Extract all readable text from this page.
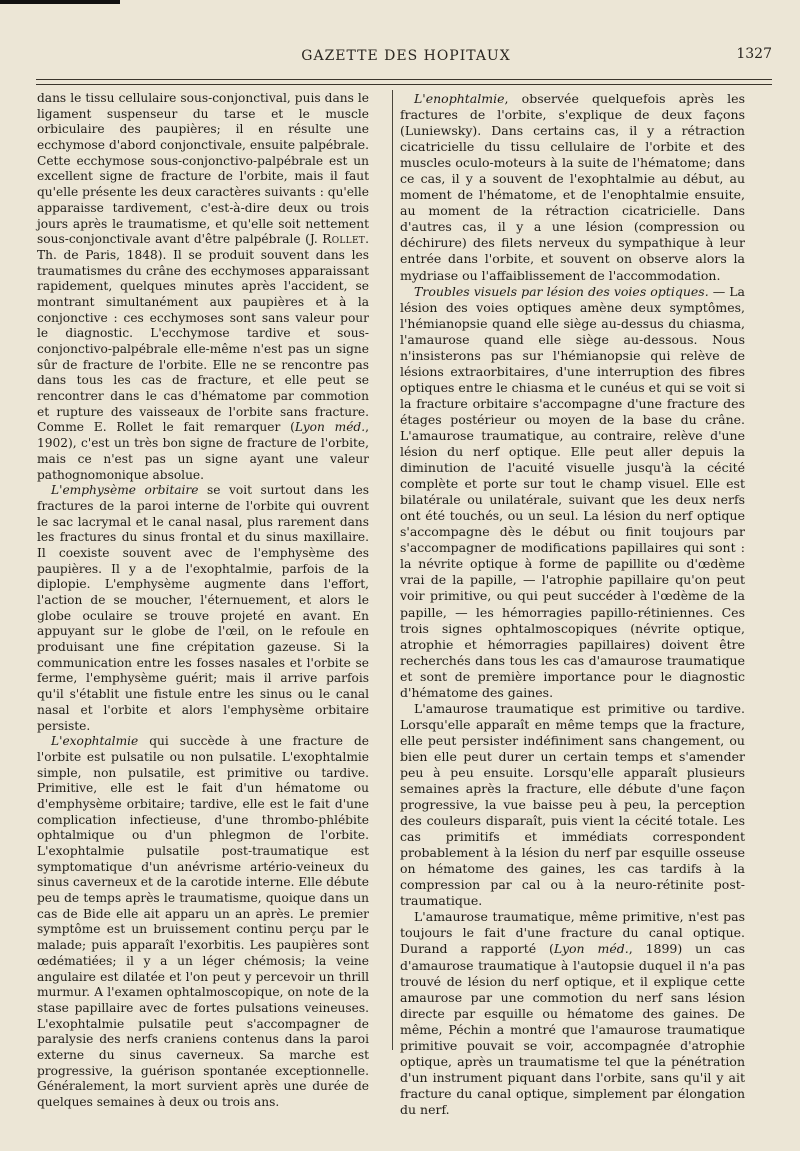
GAZETTE DES HOPITAUX	1327

dans le tissu cellulaire sous-conjonctival, puis dans le ligament suspenseur du tarse et le muscle orbiculaire des paupières; il en résulte une ecchymose d'abord conjonctivale, ensuite palpébrale. Cette ecchymose sous-conjonctivo-palpébrale est un excellent signe de fracture de l'orbite, mais il faut qu'elle présente les deux caractères suivants : qu'elle apparaisse tardivement, c'est-à-dire deux ou trois jours après le traumatisme, et qu'elle soit nettement sous-conjonctivale avant d'être palpébrale (J. Rollet. Th. de Paris, 1848). Il se produit souvent dans les traumatismes du crâne des ecchymoses apparaissant rapidement, quelques minutes après l'accident, se montrant simultanément aux paupières et à la conjonctive : ces ecchymoses sont sans valeur pour le diagnostic. L'ecchymose tardive et sous-conjonctivo-palpébrale elle-même n'est pas un signe sûr de fracture de l'orbite. Elle ne se rencontre pas dans tous les cas de fracture, et elle peut se rencontrer dans le cas d'hématome par commotion et rupture des vaisseaux de l'orbite sans fracture. Comme E. Rollet le fait remarquer (Lyon méd., 1902), c'est un très bon signe de fracture de l'orbite, mais ce n'est pas un signe ayant une valeur pathognomonique absolue.

L'emphysème orbitaire se voit surtout dans les fractures de la paroi interne de l'orbite qui ouvrent le sac lacrymal et le canal nasal, plus rarement dans les fractures du sinus frontal et du sinus maxillaire. Il coexiste souvent avec de l'emphysème des paupières. Il y a de l'exophtalmie, parfois de la diplopie. L'emphysème augmente dans l'effort, l'action de se moucher, l'éternuement, et alors le globe oculaire se trouve projeté en avant. En appuyant sur le globe de l'œil, on le refoule en produisant une fine crépitation gazeuse. Si la communication entre les fosses nasales et l'orbite se ferme, l'emphysème guérit; mais il arrive parfois qu'il s'établit une fistule entre les sinus ou le canal nasal et l'orbite et alors l'emphysème orbitaire persiste.

L'exophtalmie qui succède à une fracture de l'orbite est pulsatile ou non pulsatile. L'exophtalmie simple, non pulsatile, est primitive ou tardive. Primitive, elle est le fait d'un hématome ou d'emphysème orbitaire; tardive, elle est le fait d'une complication infectieuse, d'une thrombo-phlébite ophtalmique ou d'un phlegmon de l'orbite. L'exophtalmie pulsatile post-traumatique est symptomatique d'un anévrisme artério-veineux du sinus caverneux et de la carotide interne. Elle débute peu de temps après le traumatisme, quoique dans un cas de Bide elle ait apparu un an après. Le premier symptôme est un bruissement continu perçu par le malade; puis apparaît l'exorbitis. Les paupières sont œdématiées; il y a un léger chémosis; la veine angulaire est dilatée et l'on peut y percevoir un thrill murmur. A l'examen ophtalmoscopique, on note de la stase papillaire avec de fortes pulsations veineuses. L'exophtalmie pulsatile peut s'accompagner de paralysie des nerfs craniens contenus dans la paroi externe du sinus caverneux. Sa marche est progressive, la guérison spontanée exceptionnelle. Généralement, la mort survient après une durée de quelques semaines à deux ou trois ans.

L'enophtalmie, observée quelquefois après les fractures de l'orbite, s'explique de deux façons (Luniewsky). Dans certains cas, il y a rétraction cicatricielle du tissu cellulaire de l'orbite et des muscles oculo-moteurs à la suite de l'hématome; dans ce cas, il y a souvent de l'exophtalmie au début, au moment de l'hématome, et de l'enophtalmie ensuite, au moment de la rétraction cicatricielle. Dans d'autres cas, il y a une lésion (compression ou déchirure) des filets nerveux du sympathique à leur entrée dans l'orbite, et souvent on observe alors la mydriase ou l'affaiblissement de l'accommodation.

Troubles visuels par lésion des voies optiques. — La lésion des voies optiques amène deux symptômes, l'hémianopsie quand elle siège au-dessus du chiasma, l'amaurose quand elle siège au-dessous. Nous n'insisterons pas sur l'hémianopsie qui relève de lésions extraorbitaires, d'une interruption des fibres optiques entre le chiasma et le cunéus et qui se voit si la fracture orbitaire s'accompagne d'une fracture des étages postérieur ou moyen de la base du crâne. L'amaurose traumatique, au contraire, relève d'une lésion du nerf optique. Elle peut aller depuis la diminution de l'acuité visuelle jusqu'à la cécité complète et porte sur tout le champ visuel. Elle est bilatérale ou unilatérale, suivant que les deux nerfs ont été touchés, ou un seul. La lésion du nerf optique s'accompagne dès le début ou finit toujours par s'accompagner de modifications papillaires qui sont : la névrite optique à forme de papillite ou d'œdème vrai de la papille, — l'atrophie papillaire qu'on peut voir primitive, ou qui peut succéder à l'œdème de la papille, — les hémorragies papillo-rétiniennes. Ces trois signes ophtalmoscopiques (névrite optique, atrophie et hémorragies papillaires) doivent être recherchés dans tous les cas d'amaurose traumatique et sont de première importance pour le diagnostic d'hématome des gaines.

L'amaurose traumatique est primitive ou tardive. Lorsqu'elle apparaît en même temps que la fracture, elle peut persister indéfiniment sans changement, ou bien elle peut durer un certain temps et s'amender peu à peu ensuite. Lorsqu'elle apparaît plusieurs semaines après la fracture, elle débute d'une façon progressive, la vue baisse peu à peu, la perception des couleurs disparaît, puis vient la cécité totale. Les cas primitifs et immédiats correspondent probablement à la lésion du nerf par esquille osseuse on hématome des gaines, les cas tardifs à la compression par cal ou à la neuro-rétinite post-traumatique.

L'amaurose traumatique, même primitive, n'est pas toujours le fait d'une fracture du canal optique. Durand a rapporté (Lyon méd., 1899) un cas d'amaurose traumatique à l'autopsie duquel il n'a pas trouvé de lésion du nerf optique, et il explique cette amaurose par une commotion du nerf sans lésion directe par esquille ou hématome des gaines. De même, Péchin a montré que l'amaurose traumatique primitive pouvait se voir, accompagnée d'atrophie optique, après un traumatisme tel que la pénétration d'un instrument piquant dans l'orbite, sans qu'il y ait fracture du canal optique, simplement par élongation du nerf.
